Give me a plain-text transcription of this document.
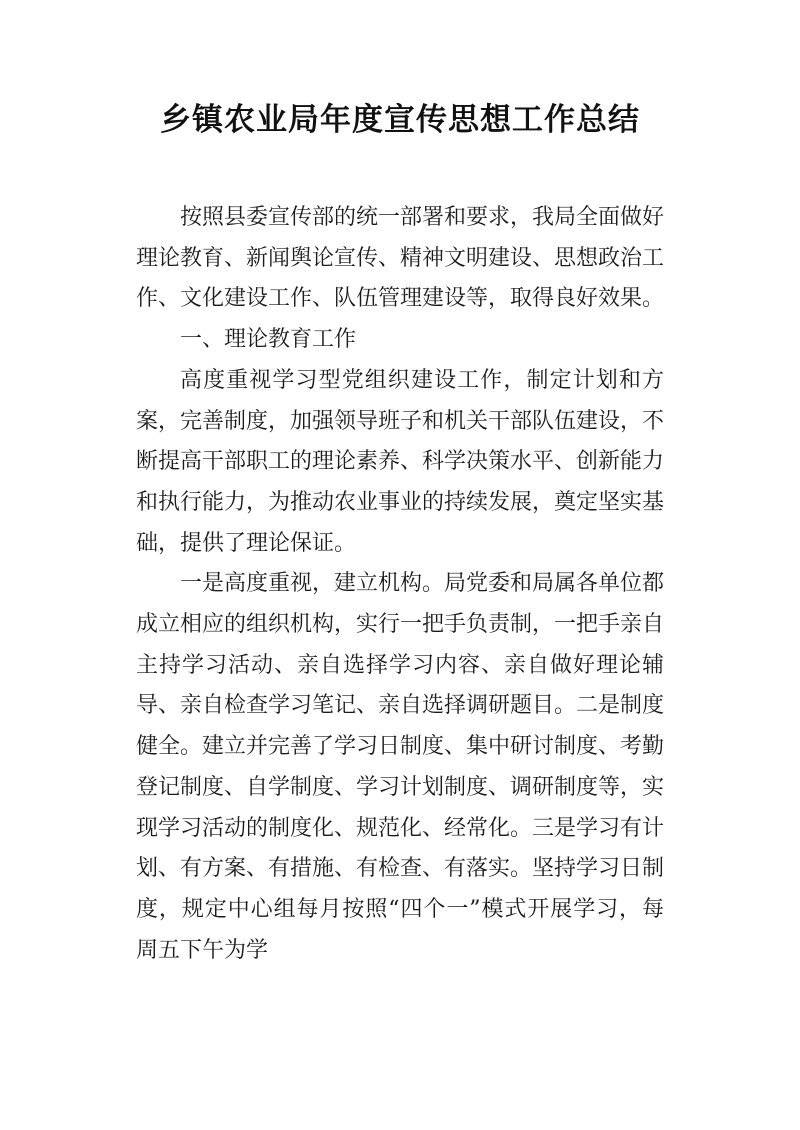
乡镇农业局年度宣传思想工作总结

按照县委宣传部的统一部署和要求，我局全面做好理论教育、新闻舆论宣传、精神文明建设、思想政治工作、文化建设工作、队伍管理建设等，取得良好效果。

一、理论教育工作

高度重视学习型党组织建设工作，制定计划和方案，完善制度，加强领导班子和机关干部队伍建设，不断提高干部职工的理论素养、科学决策水平、创新能力和执行能力，为推动农业事业的持续发展，奠定坚实基础，提供了理论保证。

一是高度重视，建立机构。局党委和局属各单位都成立相应的组织机构，实行一把手负责制，一把手亲自主持学习活动、亲自选择学习内容、亲自做好理论辅导、亲自检查学习笔记、亲自选择调研题目。二是制度健全。建立并完善了学习日制度、集中研讨制度、考勤登记制度、自学制度、学习计划制度、调研制度等，实现学习活动的制度化、规范化、经常化。三是学习有计划、有方案、有措施、有检查、有落实。坚持学习日制度，规定中心组每月按照“四个一”模式开展学习，每周五下午为学
